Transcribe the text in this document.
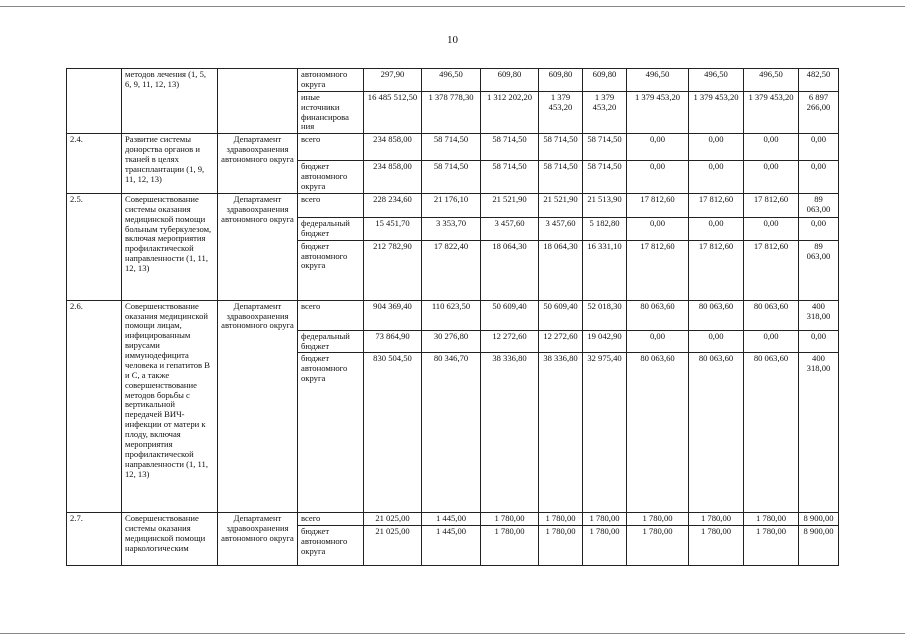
10
	методов лечения (1, 5, 6, 9, 11, 12, 13)		автономного округа	297,90	496,50	609,80	609,80	609,80	496,50	496,50	496,50	482,50
			иные источники финансирова ния	16 485 512,50	1 378 778,30	1 312 202,20	1 379 453,20	1 379 453,20	1 379 453,20	1 379 453,20	1 379 453,20	6 897 266,00
2.4.	Развитие системы донорства органов и тканей в целях трансплантации (1, 9, 11, 12, 13)	Департамент здравоохранения автономного округа	всего	234 858,00	58 714,50	58 714,50	58 714,50	58 714,50	0,00	0,00	0,00	0,00
			бюджет автономного округа	234 858,00	58 714,50	58 714,50	58 714,50	58 714,50	0,00	0,00	0,00	0,00
2.5.	Совершенствование системы оказания медицинской помощи больным туберкулезом, включая мероприятия профилактической направленности (1, 11, 12, 13)	Департамент здравоохранения автономного округа	всего	228 234,60	21 176,10	21 521,90	21 521,90	21 513,90	17 812,60	17 812,60	17 812,60	89 063,00
			федеральный бюджет	15 451,70	3 353,70	3 457,60	3 457,60	5 182,80	0,00	0,00	0,00	0,00
			бюджет автономного округа	212 782,90	17 822,40	18 064,30	18 064,30	16 331,10	17 812,60	17 812,60	17 812,60	89 063,00
2.6.	Совершенствование оказания медицинской помощи лицам, инфицированным вирусами иммунодефицита человека и гепатитов В и С, а также совершенствование методов борьбы с вертикальной передачей ВИЧ-инфекции от матери к плоду, включая мероприятия профилактической направленности (1, 11, 12, 13)	Департамент здравоохранения автономного округа	всего	904 369,40	110 623,50	50 609,40	50 609,40	52 018,30	80 063,60	80 063,60	80 063,60	400 318,00
			федеральный бюджет	73 864,90	30 276,80	12 272,60	12 272,60	19 042,90	0,00	0,00	0,00	0,00
			бюджет автономного округа	830 504,50	80 346,70	38 336,80	38 336,80	32 975,40	80 063,60	80 063,60	80 063,60	400 318,00
2.7.	Совершенствование системы оказания медицинской помощи наркологическим	Департамент здравоохранения автономного округа	всего	21 025,00	1 445,00	1 780,00	1 780,00	1 780,00	1 780,00	1 780,00	1 780,00	8 900,00
			бюджет автономного округа	21 025,00	1 445,00	1 780,00	1 780,00	1 780,00	1 780,00	1 780,00	1 780,00	8 900,00
